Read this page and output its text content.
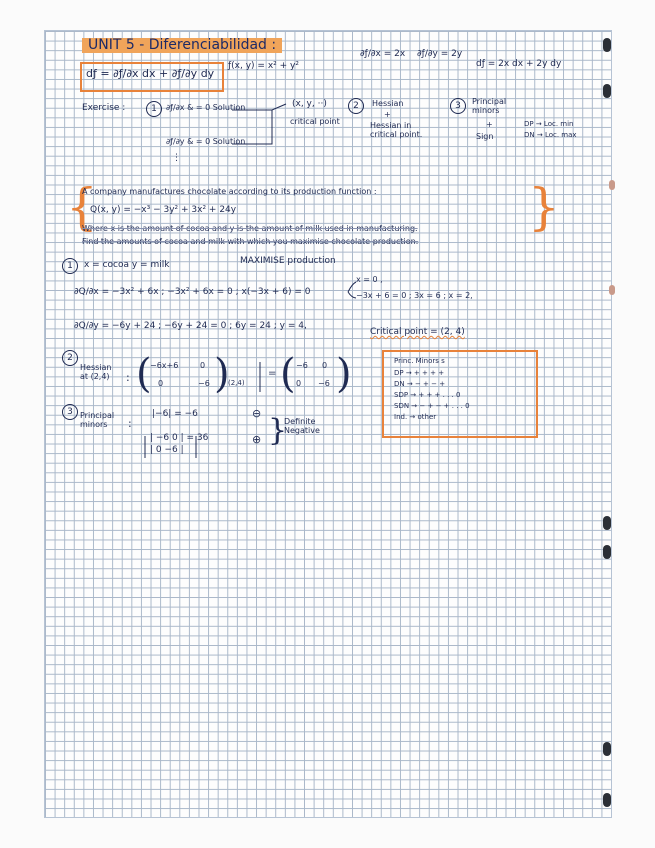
UNIT 5 - Diferenciabilidad :
dƒ = ∂ƒ/∂x dx + ∂ƒ/∂y dy
ƒ(x, y) = x² + y²
∂ƒ/∂x = 2x ∂ƒ/∂y = 2y
dƒ = 2x dx + 2y dy
Exercise :	1	∂ƒ/∂x & = 0 Solution
∂ƒ/∂y & = 0 Solution
⋮
(x, y, ··)
critical point
2	Hessian
+
Hessian in critical point.
3	Principal minors
+
Sign
DP → Loc. min
DN → Loc. max
{	}
A company manufactures chocolate according to its production function :
Q(x, y) = −x³ − 3y² + 3x² + 24y
Where x is the amount of cocoa and y is the amount of milk used in manufacturing.
Find the amounts of cocoa and milk with which you maximise chocolate production.
1	x = cocoa y = milk	MAXIMISE production
∂Q/∂x = −3x² + 6x ; −3x² + 6x = 0 ; x(−3x + 6) = 0
x = 0 ,
−3x + 6 = 0 ; 3x = 6 ; x = 2,
∂Q/∂y = −6y + 24 ; −6y + 24 = 0 ; 6y = 24 ; y = 4,
Critical point = (2, 4)
2
Hessian at (2,4)	: (
−6x+6	0
0	−6 )
(2,4)
= ( −6 0
0 −6 )	Princ. Minors s
DP → + + + +
DN → − + − +
SDP → + + + . . . 0
SDN → − + − + . . . 0
Ind. → other
3 Principal minors	:
|−6| = −6
| −6 0 | = 36
| 0 −6 |
⊖
⊕ }
Definite Negative
